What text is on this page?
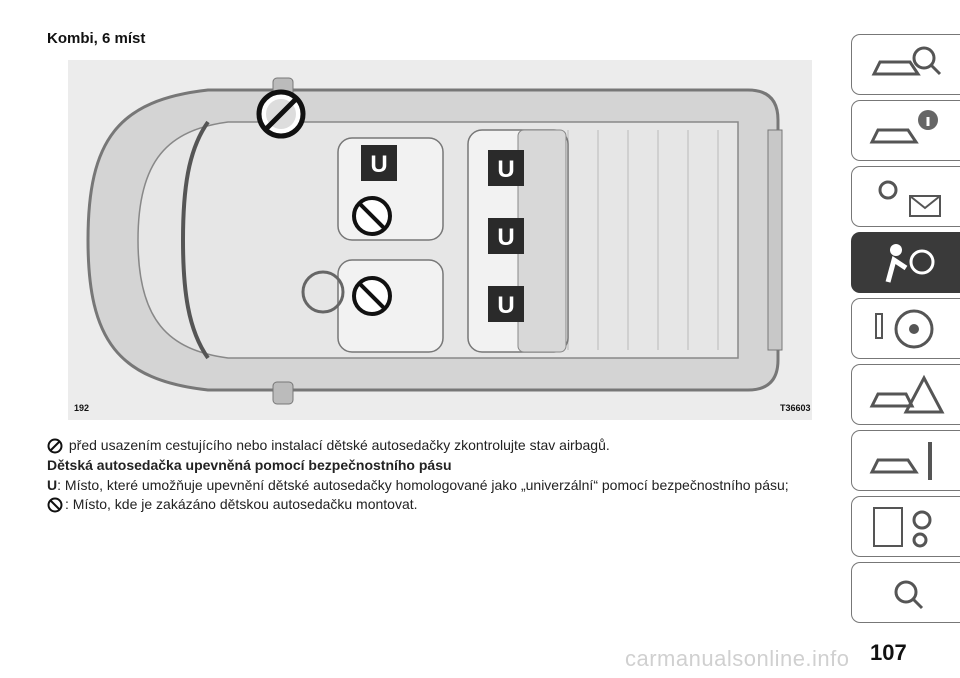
Kombi, 6 míst
U	U
U
U
192	T36603
před usazením cestujícího nebo instalací dětské autosedačky zkontrolujte stav airbagů.
Dětská autosedačka upevněná pomocí bezpečnostního pásu
U: Místo, které umožňuje upevnění dětské autosedačky homologované jako „univerzální“ pomocí bezpečnostního pásu;
: Místo, kde je zakázáno dětskou autosedačku montovat.
107
carmanualsonline.info
